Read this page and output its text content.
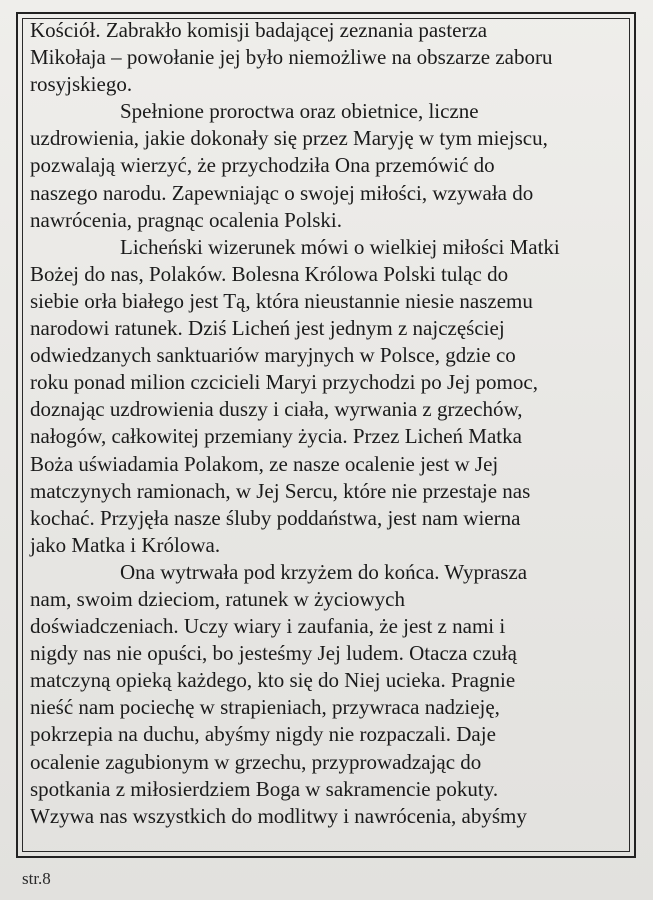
Kościół. Zabrakło komisji badającej zeznania pasterza
Mikołaja – powołanie jej było niemożliwe na obszarze zaboru
rosyjskiego.
Spełnione proroctwa oraz obietnice, liczne
uzdrowienia, jakie dokonały się przez Maryję w tym miejscu,
pozwalają wierzyć, że przychodziła Ona przemówić do
naszego narodu. Zapewniając o swojej miłości, wzywała do
nawrócenia, pragnąc ocalenia Polski.
Licheński wizerunek mówi o wielkiej miłości Matki
Bożej do nas, Polaków. Bolesna Królowa Polski tuląc do
siebie orła białego jest Tą, która nieustannie niesie naszemu
narodowi ratunek. Dziś Licheń jest jednym z najczęściej
odwiedzanych sanktuariów maryjnych w Polsce, gdzie co
roku ponad milion czcicieli Maryi przychodzi po Jej pomoc,
doznając uzdrowienia duszy i ciała, wyrwania z grzechów,
nałogów, całkowitej przemiany życia. Przez Licheń Matka
Boża uświadamia Polakom, ze nasze ocalenie jest w Jej
matczynych ramionach, w Jej Sercu, które nie przestaje nas
kochać. Przyjęła nasze śluby poddaństwa, jest nam wierna
jako Matka i Królowa.
Ona wytrwała pod krzyżem do końca. Wyprasza
nam, swoim dzieciom, ratunek w życiowych
doświadczeniach. Uczy wiary i zaufania, że jest z nami i
nigdy nas nie opuści, bo jesteśmy Jej ludem. Otacza czułą
matczyną opieką każdego, kto się do Niej ucieka. Pragnie
nieść nam pociechę w strapieniach, przywraca nadzieję,
pokrzepia na duchu, abyśmy nigdy nie rozpaczali. Daje
ocalenie zagubionym w grzechu, przyprowadzając do
spotkania z miłosierdziem Boga w sakramencie pokuty.
Wzywa nas wszystkich do modlitwy i nawrócenia, abyśmy
str.8
